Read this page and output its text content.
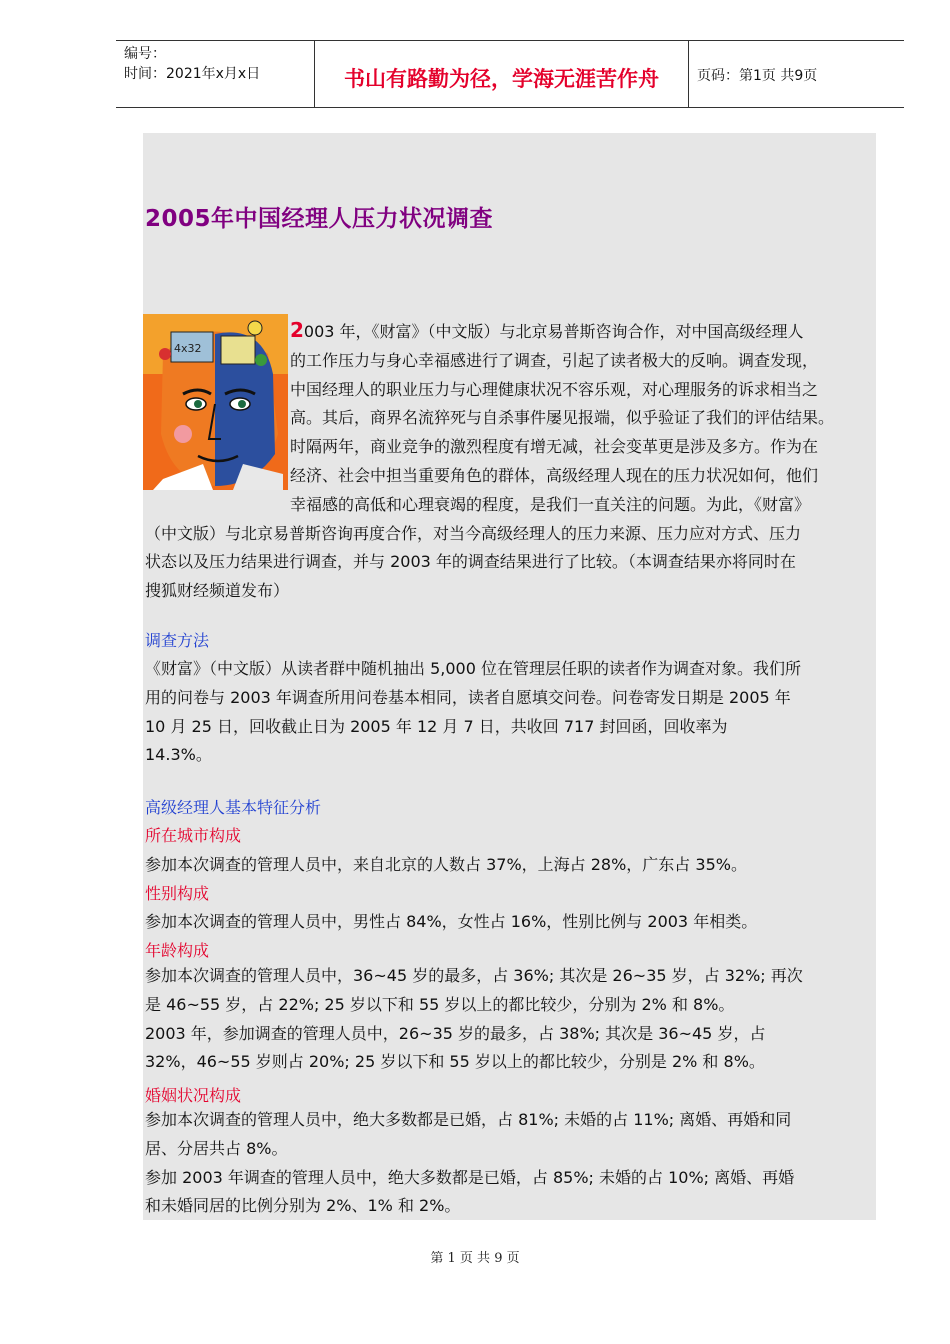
编号：
时间：2021年x月x日	书山有路勤为径，学海无涯苦作舟	页码：第1页 共9页
2005年中国经理人压力状况调查
4x32
2003 年，《财富》（中文版）与北京易普斯咨询合作，对中国高级经理人
的工作压力与身心幸福感进行了调查，引起了读者极大的反响。调查发现，
中国经理人的职业压力与心理健康状况不容乐观，对心理服务的诉求相当之
高。其后，商界名流猝死与自杀事件屡见报端，似乎验证了我们的评估结果。
时隔两年，商业竞争的激烈程度有增无减，社会变革更是涉及多方。作为在
经济、社会中担当重要角色的群体，高级经理人现在的压力状况如何，他们
幸福感的高低和心理衰竭的程度，是我们一直关注的问题。为此，《财富》
（中文版）与北京易普斯咨询再度合作，对当今高级经理人的压力来源、压力应对方式、压力
状态以及压力结果进行调查，并与 2003 年的调查结果进行了比较。（本调查结果亦将同时在
搜狐财经频道发布）
调查方法
《财富》（中文版）从读者群中随机抽出 5,000 位在管理层任职的读者作为调查对象。我们所
用的问卷与 2003 年调查所用问卷基本相同，读者自愿填交问卷。问卷寄发日期是 2005 年
10 月 25 日，回收截止日为 2005 年 12 月 7 日，共收回 717 封回函，回收率为
14.3%。
高级经理人基本特征分析
所在城市构成
参加本次调查的管理人员中，来自北京的人数占 37%，上海占 28%，广东占 35%。
性别构成
参加本次调查的管理人员中，男性占 84%，女性占 16%，性别比例与 2003 年相类。
年龄构成
参加本次调查的管理人员中，36~45 岁的最多，占 36%; 其次是 26~35 岁，占 32%; 再次
是 46~55 岁，占 22%; 25 岁以下和 55 岁以上的都比较少，分别为 2% 和 8%。
2003 年，参加调查的管理人员中，26~35 岁的最多，占 38%; 其次是 36~45 岁，占
32%，46~55 岁则占 20%; 25 岁以下和 55 岁以上的都比较少，分别是 2% 和 8%。
婚姻状况构成
参加本次调查的管理人员中，绝大多数都是已婚，占 81%; 未婚的占 11%; 离婚、再婚和同
居、分居共占 8%。
参加 2003 年调查的管理人员中，绝大多数都是已婚，占 85%; 未婚的占 10%; 离婚、再婚
和未婚同居的比例分别为 2%、1% 和 2%。
第 1 页 共 9 页
